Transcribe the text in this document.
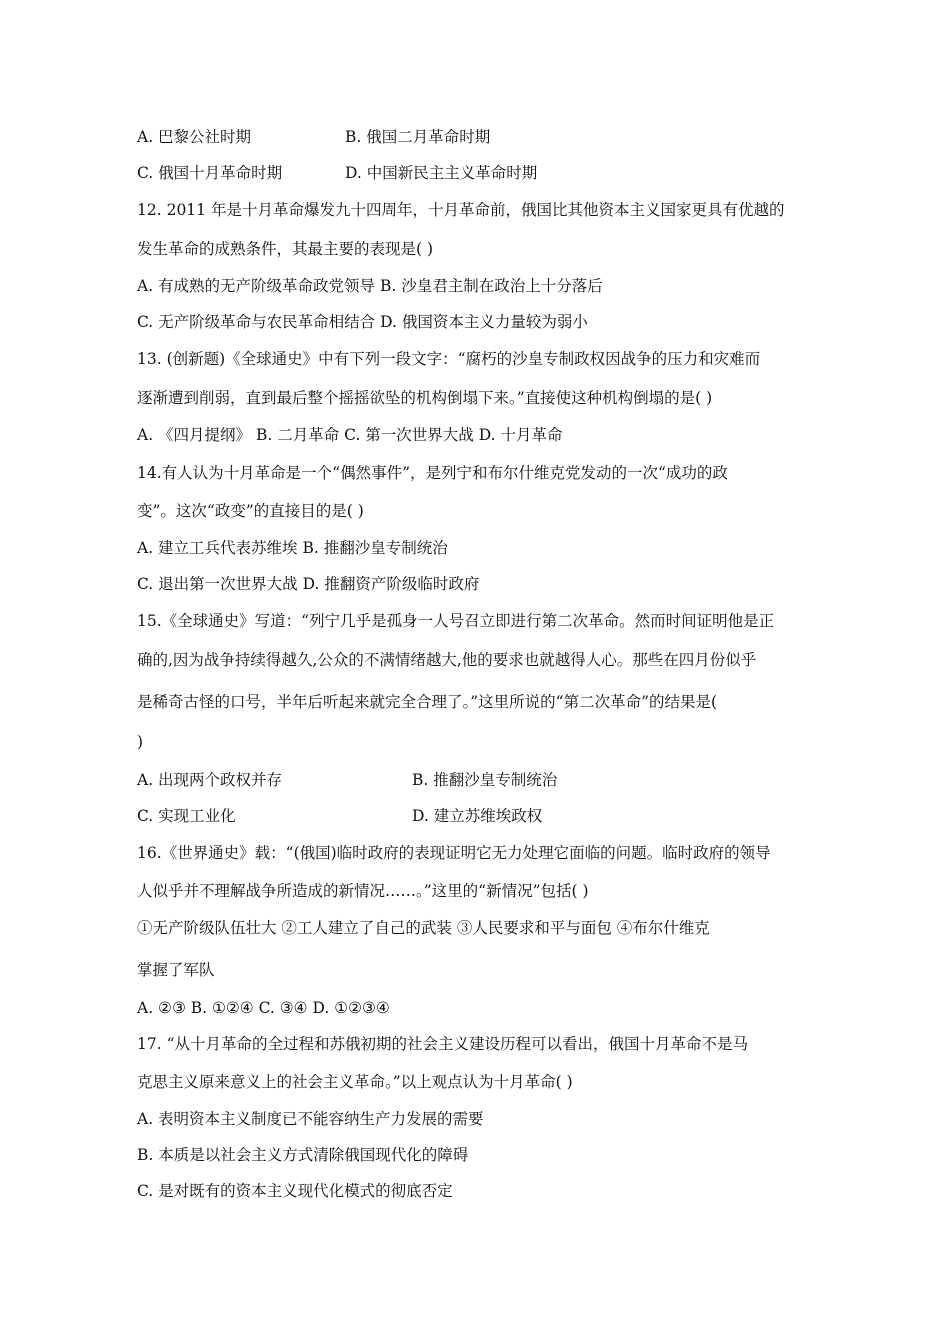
A. 巴黎公社时期	B. 俄国二月革命时期
C. 俄国十月革命时期	D. 中国新民主主义革命时期
12. 2011 年是十月革命爆发九十四周年，十月革命前，俄国比其他资本主义国家更具有优越的
发生革命的成熟条件，其最主要的表现是( )
A. 有成熟的无产阶级革命政党领导 B. 沙皇君主制在政治上十分落后
C. 无产阶级革命与农民革命相结合 D. 俄国资本主义力量较为弱小
13. (创新题)《全球通史》中有下列一段文字：“腐朽的沙皇专制政权因战争的压力和灾难而
逐渐遭到削弱，直到最后整个摇摇欲坠的机构倒塌下来。”直接使这种机构倒塌的是( )
A. 《四月提纲》 B. 二月革命 C. 第一次世界大战 D. 十月革命
14.有人认为十月革命是一个“偶然事件”，是列宁和布尔什维克党发动的一次“成功的政
变”。这次“政变”的直接目的是( )
A. 建立工兵代表苏维埃 B. 推翻沙皇专制统治
C. 退出第一次世界大战 D. 推翻资产阶级临时政府
15.《全球通史》写道：“列宁几乎是孤身一人号召立即进行第二次革命。然而时间证明他是正
确的,因为战争持续得越久,公众的不满情绪越大,他的要求也就越得人心。那些在四月份似乎
是稀奇古怪的口号，半年后听起来就完全合理了。”这里所说的“第二次革命”的结果是(
)
A. 出现两个政权并存	B. 推翻沙皇专制统治
C. 实现工业化	D. 建立苏维埃政权
16.《世界通史》载：“(俄国)临时政府的表现证明它无力处理它面临的问题。临时政府的领导
人似乎并不理解战争所造成的新情况……。”这里的“新情况”包括( )
①无产阶级队伍壮大 ②工人建立了自己的武装 ③人民要求和平与面包 ④布尔什维克
掌握了军队
A. ②③ B. ①②④ C. ③④ D. ①②③④
17. “从十月革命的全过程和苏俄初期的社会主义建设历程可以看出，俄国十月革命不是马
克思主义原来意义上的社会主义革命。”以上观点认为十月革命( )
A. 表明资本主义制度已不能容纳生产力发展的需要
B. 本质是以社会主义方式清除俄国现代化的障碍
C. 是对既有的资本主义现代化模式的彻底否定
